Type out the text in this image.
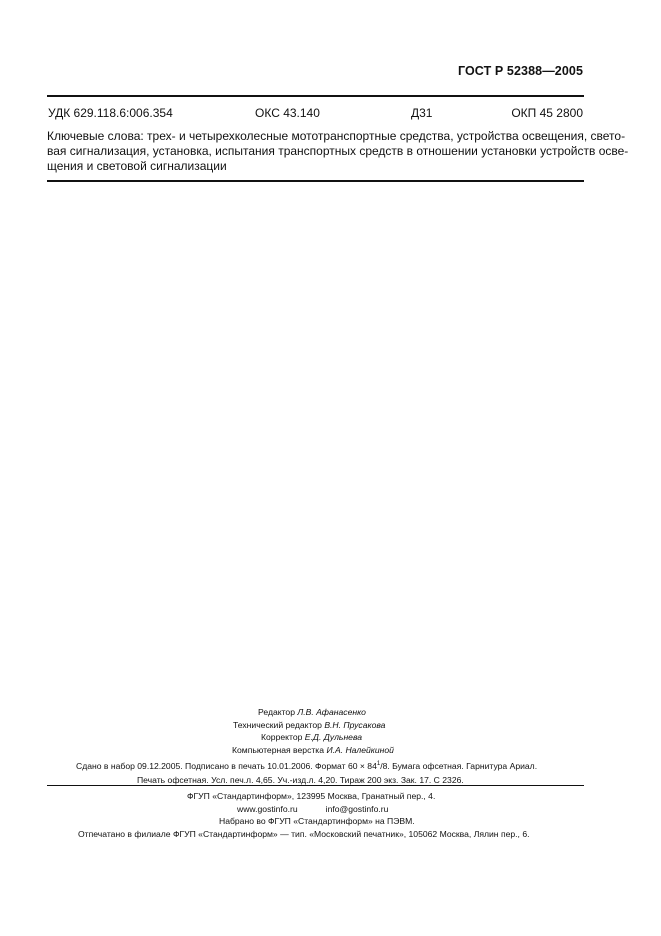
ГОСТ Р 52388—2005
УДК 629.118.6:006.354	ОКС 43.140	Д31	ОКП 45 2800
Ключевые слова: трех- и четырехколесные мототранспортные средства, устройства освещения, свето-
вая сигнализация, установка, испытания транспортных средств в отношении установки устройств осве-
щения и световой сигнализации
Редактор Л.В. Афанасенко
Технический редактор В.Н. Прусакова
Корректор Е.Д. Дульнева
Компьютерная верстка И.А. Налейкиной
Сдано в набор 09.12.2005. Подписано в печать 10.01.2006. Формат $60 \times 84^1/8$. Бумага офсетная. Гарнитура Ариал.
Печать офсетная. Усл. печ.л. 4,65. Уч.-изд.л. 4,20. Тираж 200 экз. Зак. 17. С 2326.
ФГУП «Стандартинформ», 123995 Москва, Гранатный пер., 4.
www.gostinfo.ru	info@gostinfo.ru
Набрано во ФГУП «Стандартинформ» на ПЭВМ.
Отпечатано в филиале ФГУП «Стандартинформ» — тип. «Московский печатник», 105062 Москва, Лялин пер., 6.
